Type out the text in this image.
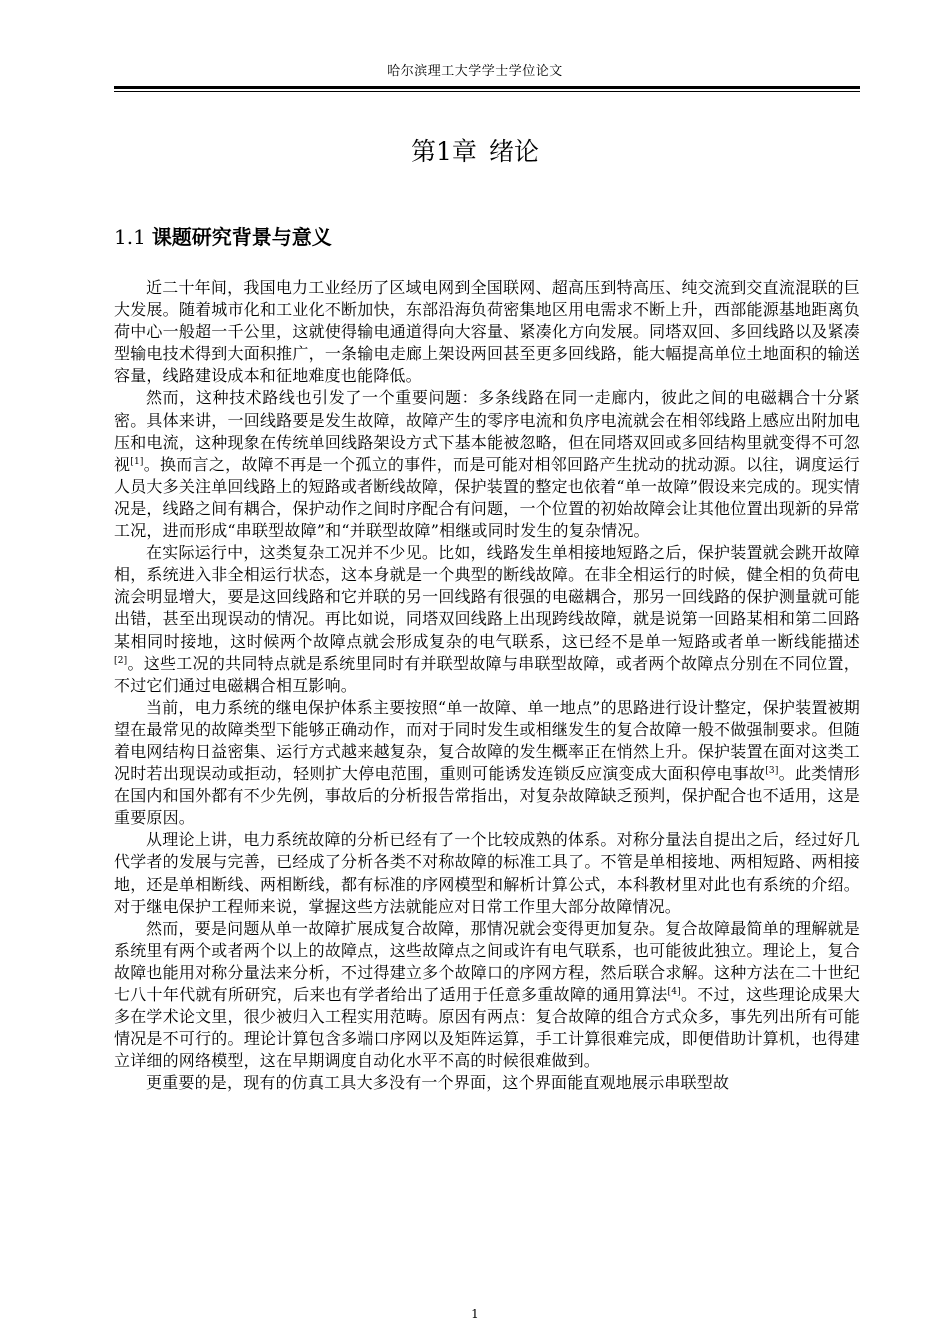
哈尔滨理工大学学士学位论文
第1章 绪论
1.1 课题研究背景与意义

近二十年间，我国电力工业经历了区域电网到全国联网、超高压到特高压、纯交流到交直流混联的巨大发展。随着城市化和工业化不断加快，东部沿海负荷密集地区用电需求不断上升，西部能源基地距离负荷中心一般超一千公里，这就使得输电通道得向大容量、紧凑化方向发展。同塔双回、多回线路以及紧凑型输电技术得到大面积推广，一条输电走廊上架设两回甚至更多回线路，能大幅提高单位土地面积的输送容量，线路建设成本和征地难度也能降低。

然而，这种技术路线也引发了一个重要问题：多条线路在同一走廊内，彼此之间的电磁耦合十分紧密。具体来讲，一回线路要是发生故障，故障产生的零序电流和负序电流就会在相邻线路上感应出附加电压和电流，这种现象在传统单回线路架设方式下基本能被忽略，但在同塔双回或多回结构里就变得不可忽视[1]。换而言之，故障不再是一个孤立的事件，而是可能对相邻回路产生扰动的扰动源。以往，调度运行人员大多关注单回线路上的短路或者断线故障，保护装置的整定也依着“单一故障”假设来完成的。现实情况是，线路之间有耦合，保护动作之间时序配合有问题，一个位置的初始故障会让其他位置出现新的异常工况，进而形成“串联型故障”和“并联型故障”相继或同时发生的复杂情况。

在实际运行中，这类复杂工况并不少见。比如，线路发生单相接地短路之后，保护装置就会跳开故障相，系统进入非全相运行状态，这本身就是一个典型的断线故障。在非全相运行的时候，健全相的负荷电流会明显增大，要是这回线路和它并联的另一回线路有很强的电磁耦合，那另一回线路的保护测量就可能出错，甚至出现误动的情况。再比如说，同塔双回线路上出现跨线故障，就是说第一回路某相和第二回路某相同时接地，这时候两个故障点就会形成复杂的电气联系，这已经不是单一短路或者单一断线能描述[2]。这些工况的共同特点就是系统里同时有并联型故障与串联型故障，或者两个故障点分别在不同位置，不过它们通过电磁耦合相互影响。

当前，电力系统的继电保护体系主要按照“单一故障、单一地点”的思路进行设计整定，保护装置被期望在最常见的故障类型下能够正确动作，而对于同时发生或相继发生的复合故障一般不做强制要求。但随着电网结构日益密集、运行方式越来越复杂，复合故障的发生概率正在悄然上升。保护装置在面对这类工况时若出现误动或拒动，轻则扩大停电范围，重则可能诱发连锁反应演变成大面积停电事故[3]。此类情形在国内和国外都有不少先例，事故后的分析报告常指出，对复杂故障缺乏预判，保护配合也不适用，这是重要原因。

从理论上讲，电力系统故障的分析已经有了一个比较成熟的体系。对称分量法自提出之后，经过好几代学者的发展与完善，已经成了分析各类不对称故障的标准工具了。不管是单相接地、两相短路、两相接地，还是单相断线、两相断线，都有标准的序网模型和解析计算公式，本科教材里对此也有系统的介绍。对于继电保护工程师来说，掌握这些方法就能应对日常工作里大部分故障情况。

然而，要是问题从单一故障扩展成复合故障，那情况就会变得更加复杂。复合故障最简单的理解就是系统里有两个或者两个以上的故障点，这些故障点之间或许有电气联系，也可能彼此独立。理论上，复合故障也能用对称分量法来分析，不过得建立多个故障口的序网方程，然后联合求解。这种方法在二十世纪七八十年代就有所研究，后来也有学者给出了适用于任意多重故障的通用算法[4]。不过，这些理论成果大多在学术论文里，很少被归入工程实用范畴。原因有两点：复合故障的组合方式众多，事先列出所有可能情况是不可行的。理论计算包含多端口序网以及矩阵运算，手工计算很难完成，即便借助计算机，也得建立详细的网络模型，这在早期调度自动化水平不高的时候很难做到。

更重要的是，现有的仿真工具大多没有一个界面，这个界面能直观地展示串联型故

1
